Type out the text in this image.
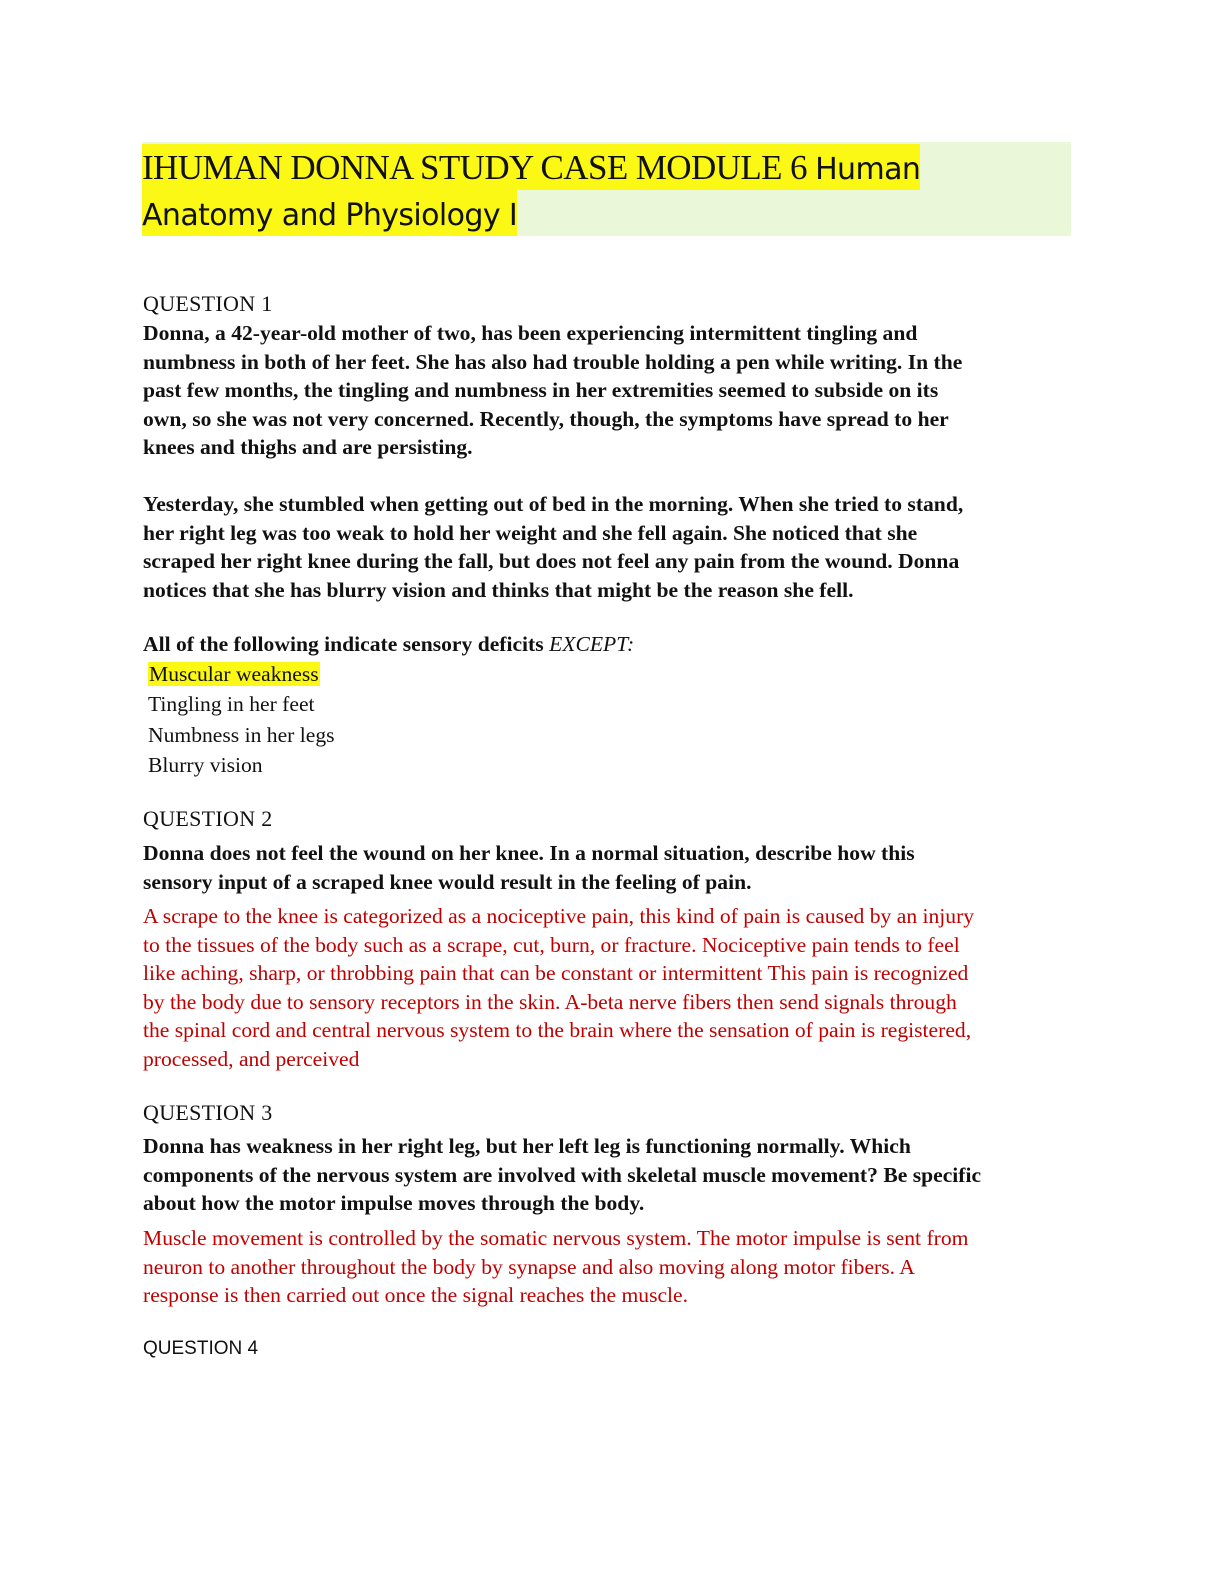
IHUMAN DONNA STUDY CASE MODULE 6 Human
Anatomy and Physiology I
QUESTION 1
Donna, a 42-year-old mother of two, has been experiencing intermittent tingling and
numbness in both of her feet. She has also had trouble holding a pen while writing. In the
past few months, the tingling and numbness in her extremities seemed to subside on its
own, so she was not very concerned. Recently, though, the symptoms have spread to her
knees and thighs and are persisting.
Yesterday, she stumbled when getting out of bed in the morning. When she tried to stand,
her right leg was too weak to hold her weight and she fell again. She noticed that she
scraped her right knee during the fall, but does not feel any pain from the wound. Donna
notices that she has blurry vision and thinks that might be the reason she fell.
All of the following indicate sensory deficits EXCEPT:
Muscular weakness
Tingling in her feet
Numbness in her legs
Blurry vision
QUESTION 2
Donna does not feel the wound on her knee. In a normal situation, describe how this
sensory input of a scraped knee would result in the feeling of pain.
A scrape to the knee is categorized as a nociceptive pain, this kind of pain is caused by an injury
to the tissues of the body such as a scrape, cut, burn, or fracture. Nociceptive pain tends to feel
like aching, sharp, or throbbing pain that can be constant or intermittent This pain is recognized
by the body due to sensory receptors in the skin. A-beta nerve fibers then send signals through
the spinal cord and central nervous system to the brain where the sensation of pain is registered,
processed, and perceived
QUESTION 3
Donna has weakness in her right leg, but her left leg is functioning normally. Which
components of the nervous system are involved with skeletal muscle movement? Be specific
about how the motor impulse moves through the body.
Muscle movement is controlled by the somatic nervous system. The motor impulse is sent from
neuron to another throughout the body by synapse and also moving along motor fibers. A
response is then carried out once the signal reaches the muscle.
QUESTION 4
